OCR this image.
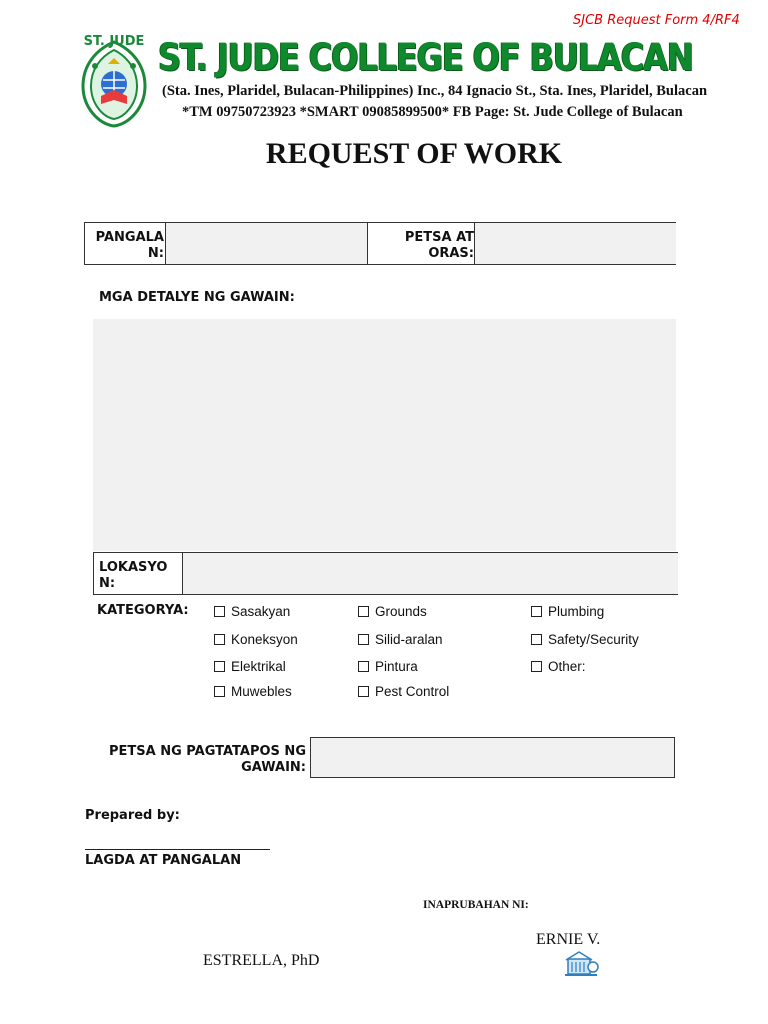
SJCB Request Form 4/RF4
ST. JUDE ST. JUDE COLLEGE OF BULACAN
(Sta. Ines, Plaridel, Bulacan-Philippines) Inc., 84 Ignacio St., Sta. Ines, Plaridel, Bulacan
*TM 09750723923 *SMART 09085899500* FB Page: St. Jude College of Bulacan
REQUEST OF WORK
PANGALA
N:
PETSA AT
ORAS:
MGA DETALYE NG GAWAIN:
LOKASYO
N:
KATEGORYA:	Sasakyan
Koneksyon
Elektrikal
Muwebles
Grounds
Silid-aralan
Pintura
Pest Control
Plumbing
Safety/Security
Other:
PETSA NG PAGTATAPOS NG
GAWAIN:
Prepared by:
LAGDA AT PANGALAN
INAPRUBAHAN NI:
ERNIE V.
ESTRELLA, PhD
